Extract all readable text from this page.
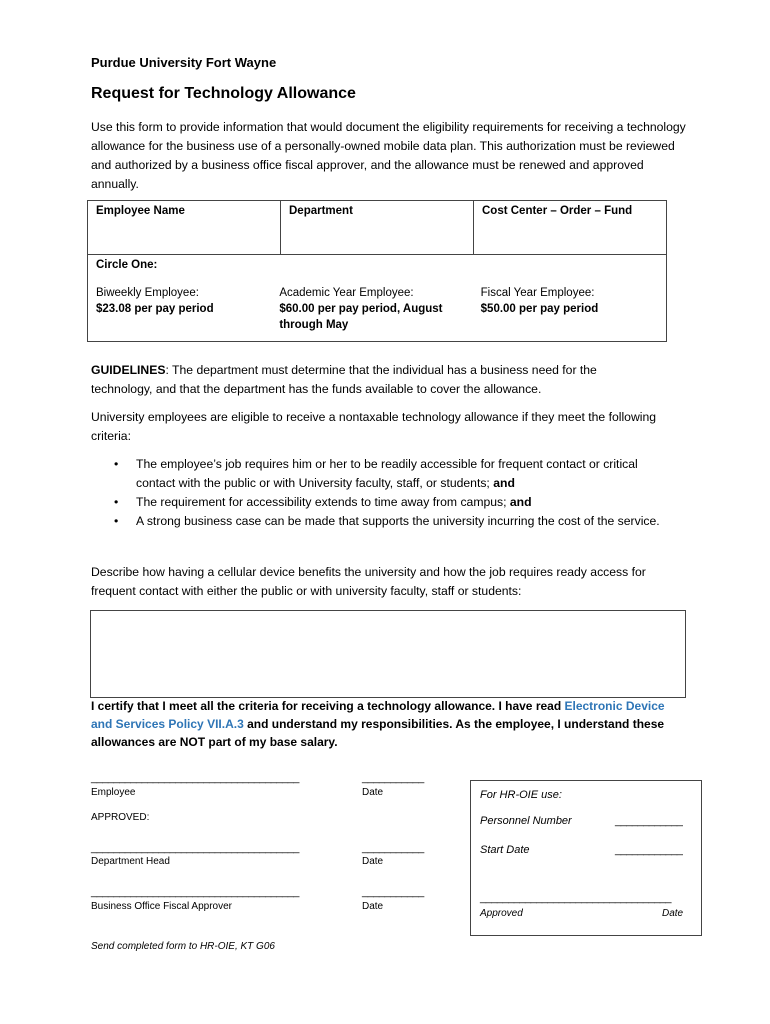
Purdue University Fort Wayne
Request for Technology Allowance
Use this form to provide information that would document the eligibility requirements for receiving a technology allowance for the business use of a personally-owned mobile data plan. This authorization must be reviewed and authorized by a business office fiscal approver, and the allowance must be renewed and approved annually.
Employee Name	Department	Cost Center – Order – Fund

Circle One:
Biweekly Employee:
$23.08 per pay period
Academic Year Employee:
$60.00 per pay period, August through May
Fiscal Year Employee:
$50.00 per pay period
GUIDELINES: The department must determine that the individual has a business need for the technology, and that the department has the funds available to cover the allowance.
University employees are eligible to receive a nontaxable technology allowance if they meet the following criteria:
• The employee’s job requires him or her to be readily accessible for frequent contact or critical contact with the public or with University faculty, staff, or students; and
• The requirement for accessibility extends to time away from campus; and
• A strong business case can be made that supports the university incurring the cost of the service.
Describe how having a cellular device benefits the university and how the job requires ready access for frequent contact with either the public or with university faculty, staff or students:
I certify that I meet all the criteria for receiving a technology allowance. I have read Electronic Device and Services Policy VII.A.3 and understand my responsibilities. As the employee, I understand these allowances are NOT part of my base salary.
_____________________________________	___________
Employee	Date
APPROVED:
_____________________________________	___________
Department Head	Date
_____________________________________	___________
Business Office Fiscal Approver	Date
For HR-OIE use:
Personnel Number	____________
Start Date	____________
__________________________________
Approved	Date
Send completed form to HR-OIE, KT G06
